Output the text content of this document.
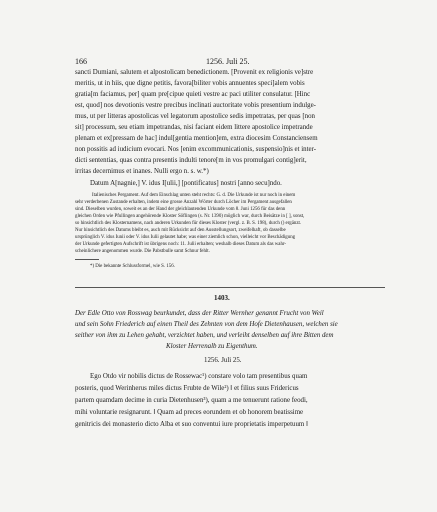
166	1256. Juli 25.
sancti Dumiani, salutem et alpostolicam benedictionem. [Provenit ex religionis ve]stre
meritis, ut in hiis, que digne petitis, favora[biliter vobis annuentes speci]alem vobis
gratia[m faciamus, per] quam pre[cipue quieti vestre ac paci utiliter consulatur. [Hinc
est, quod] nos devotionis vestre precibus inclinati auctoritate vobis presentium indulge-
mus, ut per litteras apostolicas vel legatorum apostolice sedis impetratas, per quas [non
sit] processum, seu etiam impetrandas, nisi faciant eidem littere apostolice impetrande
plenam et ex[pressam de hac] indul[gentia mention]em, extra diocesim Constanciensem
non possitis ad iudicium evocari. Nos [enim excommunicationis, suspensio]nis et inter-
dicti sententias, quas contra presentis indulti tenore[m in vos promulgari contig]erit,
irritas decernimus et inanes. Nulli ergo n. s. w.*)
Datum A[nagnie,] V. idus I[ulii,] [pontificatus] nostri [anno secu]ndo.
Italienisches Pergament. Auf dem Einschlag unten steht rechts: G. d. Die Urkunde ist nur noch in einem
sehr verderbenen Zustande erhalten, indem eine grosse Anzahl Wörter durch Löcher im Pergament ausgefallen
sind. Dieselben wurden, soweit es an der Hand der gleichlautenden Urkunde vom 8. Juni 1256 für das denn
gleichen Orden wie Pfullingen angehörende Kloster Söflingen (s. Nr. 1390) möglich war, durch Beisätze in [ ], sonst,
so hinsichtlich des Klosternamens, nach anderen Urkunden für dieses Kloster (vergl. z. B. S. 198), durch () ergänzt.
Nur hinsichtlich des Datums bleibt es, auch mit Rücksicht auf den Ausstellungsort, zweifelhaft, ob dasselbe
ursprünglich V. idus Iunii oder V. idus Iulii gelautet habe; was einer ziemlich schon, vielleicht vor Beschädigung
der Urkunde gefertigten Aufschrift ist übrigens noch: 11. Julii erhalten; weshalb dieses Datum als das wahr-
scheinlichere angenommen wurde. Die Pabstbulle samt Schnur fehlt.
*) Die bekannte Schlussformel, wie S. 156.
1403.
Der Edle Otto von Rosswag beurkundet, dass der Ritter Wernher genannt Frucht von Weil
und sein Sohn Friederich auf einen Theil des Zehnten von dem Hofe Dietenhausen, welchen sie
seither von ihm zu Lehen gehabt, verzichtet haben, und verleiht denselben auf ihre Bitten dem
Kloster Herrenalb zu Eigenthum.
1256. Juli 25.
Ego Otdo vir nobilis dictus de Rossewac¹) constare volo tam presentibus quam
posteris, quod Werinherus miles dictus Frubte de Wile²) ‖ et filius suus Fridericus
partem quamdam decime in curia Dietenhusen³), quam a me tenuerunt ratione feodi,
mihi voluntarie resignarunt. ‖ Quam ad preces eorundem et ob honorem beatissime
genitricis dei monasterio dicto Alba et suo conventui iure proprietatis imperpetuum ‖
